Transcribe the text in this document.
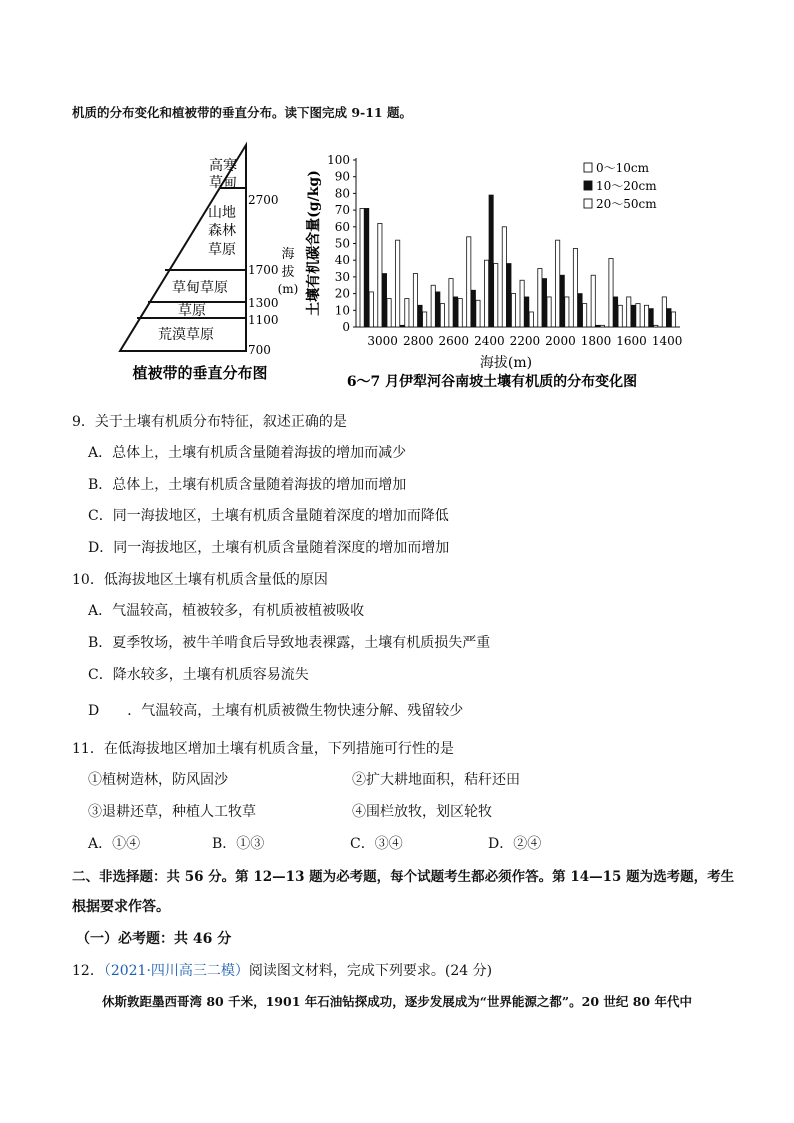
机质的分布变化和植被带的垂直分布。读下图完成 9-11 题。
高寒
草甸
山地
森林
草原
草甸草原
草原
荒漠草原
2700
1700
1300
1100
700
海
拔
(m)
植被带的垂直分布图
0
10
20
30
40
50
60
70
80
90
100
3000 2800 2600 2400 2200 2000 1800 1600 1400
0～10cm
10～20cm
20～50cm
土壤有机碳含量(g/kg)
海拔(m)
6～7 月伊犁河谷南坡土壤有机质的分布变化图
9．关于土壤有机质分布特征，叙述正确的是
A．总体上，土壤有机质含量随着海拔的增加而减少
B．总体上，土壤有机质含量随着海拔的增加而增加
C．同一海拔地区，土壤有机质含量随着深度的增加而降低
D．同一海拔地区，土壤有机质含量随着深度的增加而增加
10．低海拔地区土壤有机质含量低的原因
A．气温较高，植被较多，有机质被植被吸收
B．夏季牧场，被牛羊啃食后导致地表裸露，土壤有机质损失严重
C．降水较多，土壤有机质容易流失
D　　．气温较高，土壤有机质被微生物快速分解、残留较少
11．在低海拔地区增加土壤有机质含量，下列措施可行性的是
①植树造林，防风固沙	②扩大耕地面积，秸秆还田
③退耕还草，种植人工牧草	④围栏放牧，划区轮牧
A．①④	B．①③	C．③④	D．②④
二、非选择题：共 56 分。第 12—13 题为必考题，每个试题考生都必须作答。第 14—15 题为选考题，考生
根据要求作答。
（一）必考题：共 46 分
12．（2021·四川高三二模）阅读图文材料，完成下列要求。(24 分)
休斯敦距墨西哥湾 80 千米，1901 年石油钻探成功，逐步发展成为“世界能源之都”。20 世纪 80 年代中
